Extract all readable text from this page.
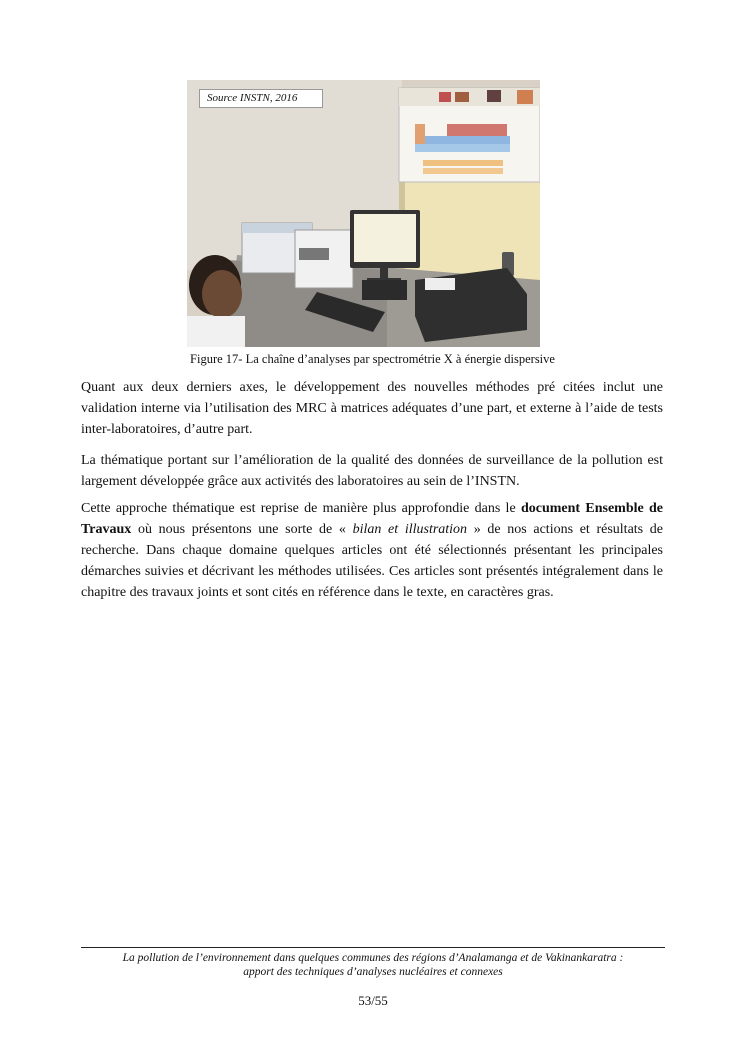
Source INSTN, 2016
Figure 17- La chaîne d’analyses par spectrométrie X à énergie dispersive

Quant aux deux derniers axes, le développement des nouvelles méthodes pré citées inclut une validation interne via l’utilisation des MRC à matrices adéquates d’une part, et externe à l’aide de tests inter-laboratoires, d’autre part.

La thématique portant sur l’amélioration de la qualité des données de surveillance de la pollution est largement développée grâce aux activités des laboratoires au sein de l’INSTN.

Cette approche thématique est reprise de manière plus approfondie dans le document Ensemble de Travaux où nous présentons une sorte de « bilan et illustration » de nos actions et résultats de recherche. Dans chaque domaine quelques articles ont été sélectionnés présentant les principales démarches suivies et décrivant les méthodes utilisées. Ces articles sont présentés intégralement dans le chapitre des travaux joints et sont cités en référence dans le texte, en caractères gras.

La pollution de l’environnement dans quelques communes des régions d’Analamanga et de Vakinankaratra :
apport des techniques d’analyses nucléaires et connexes
53/55
